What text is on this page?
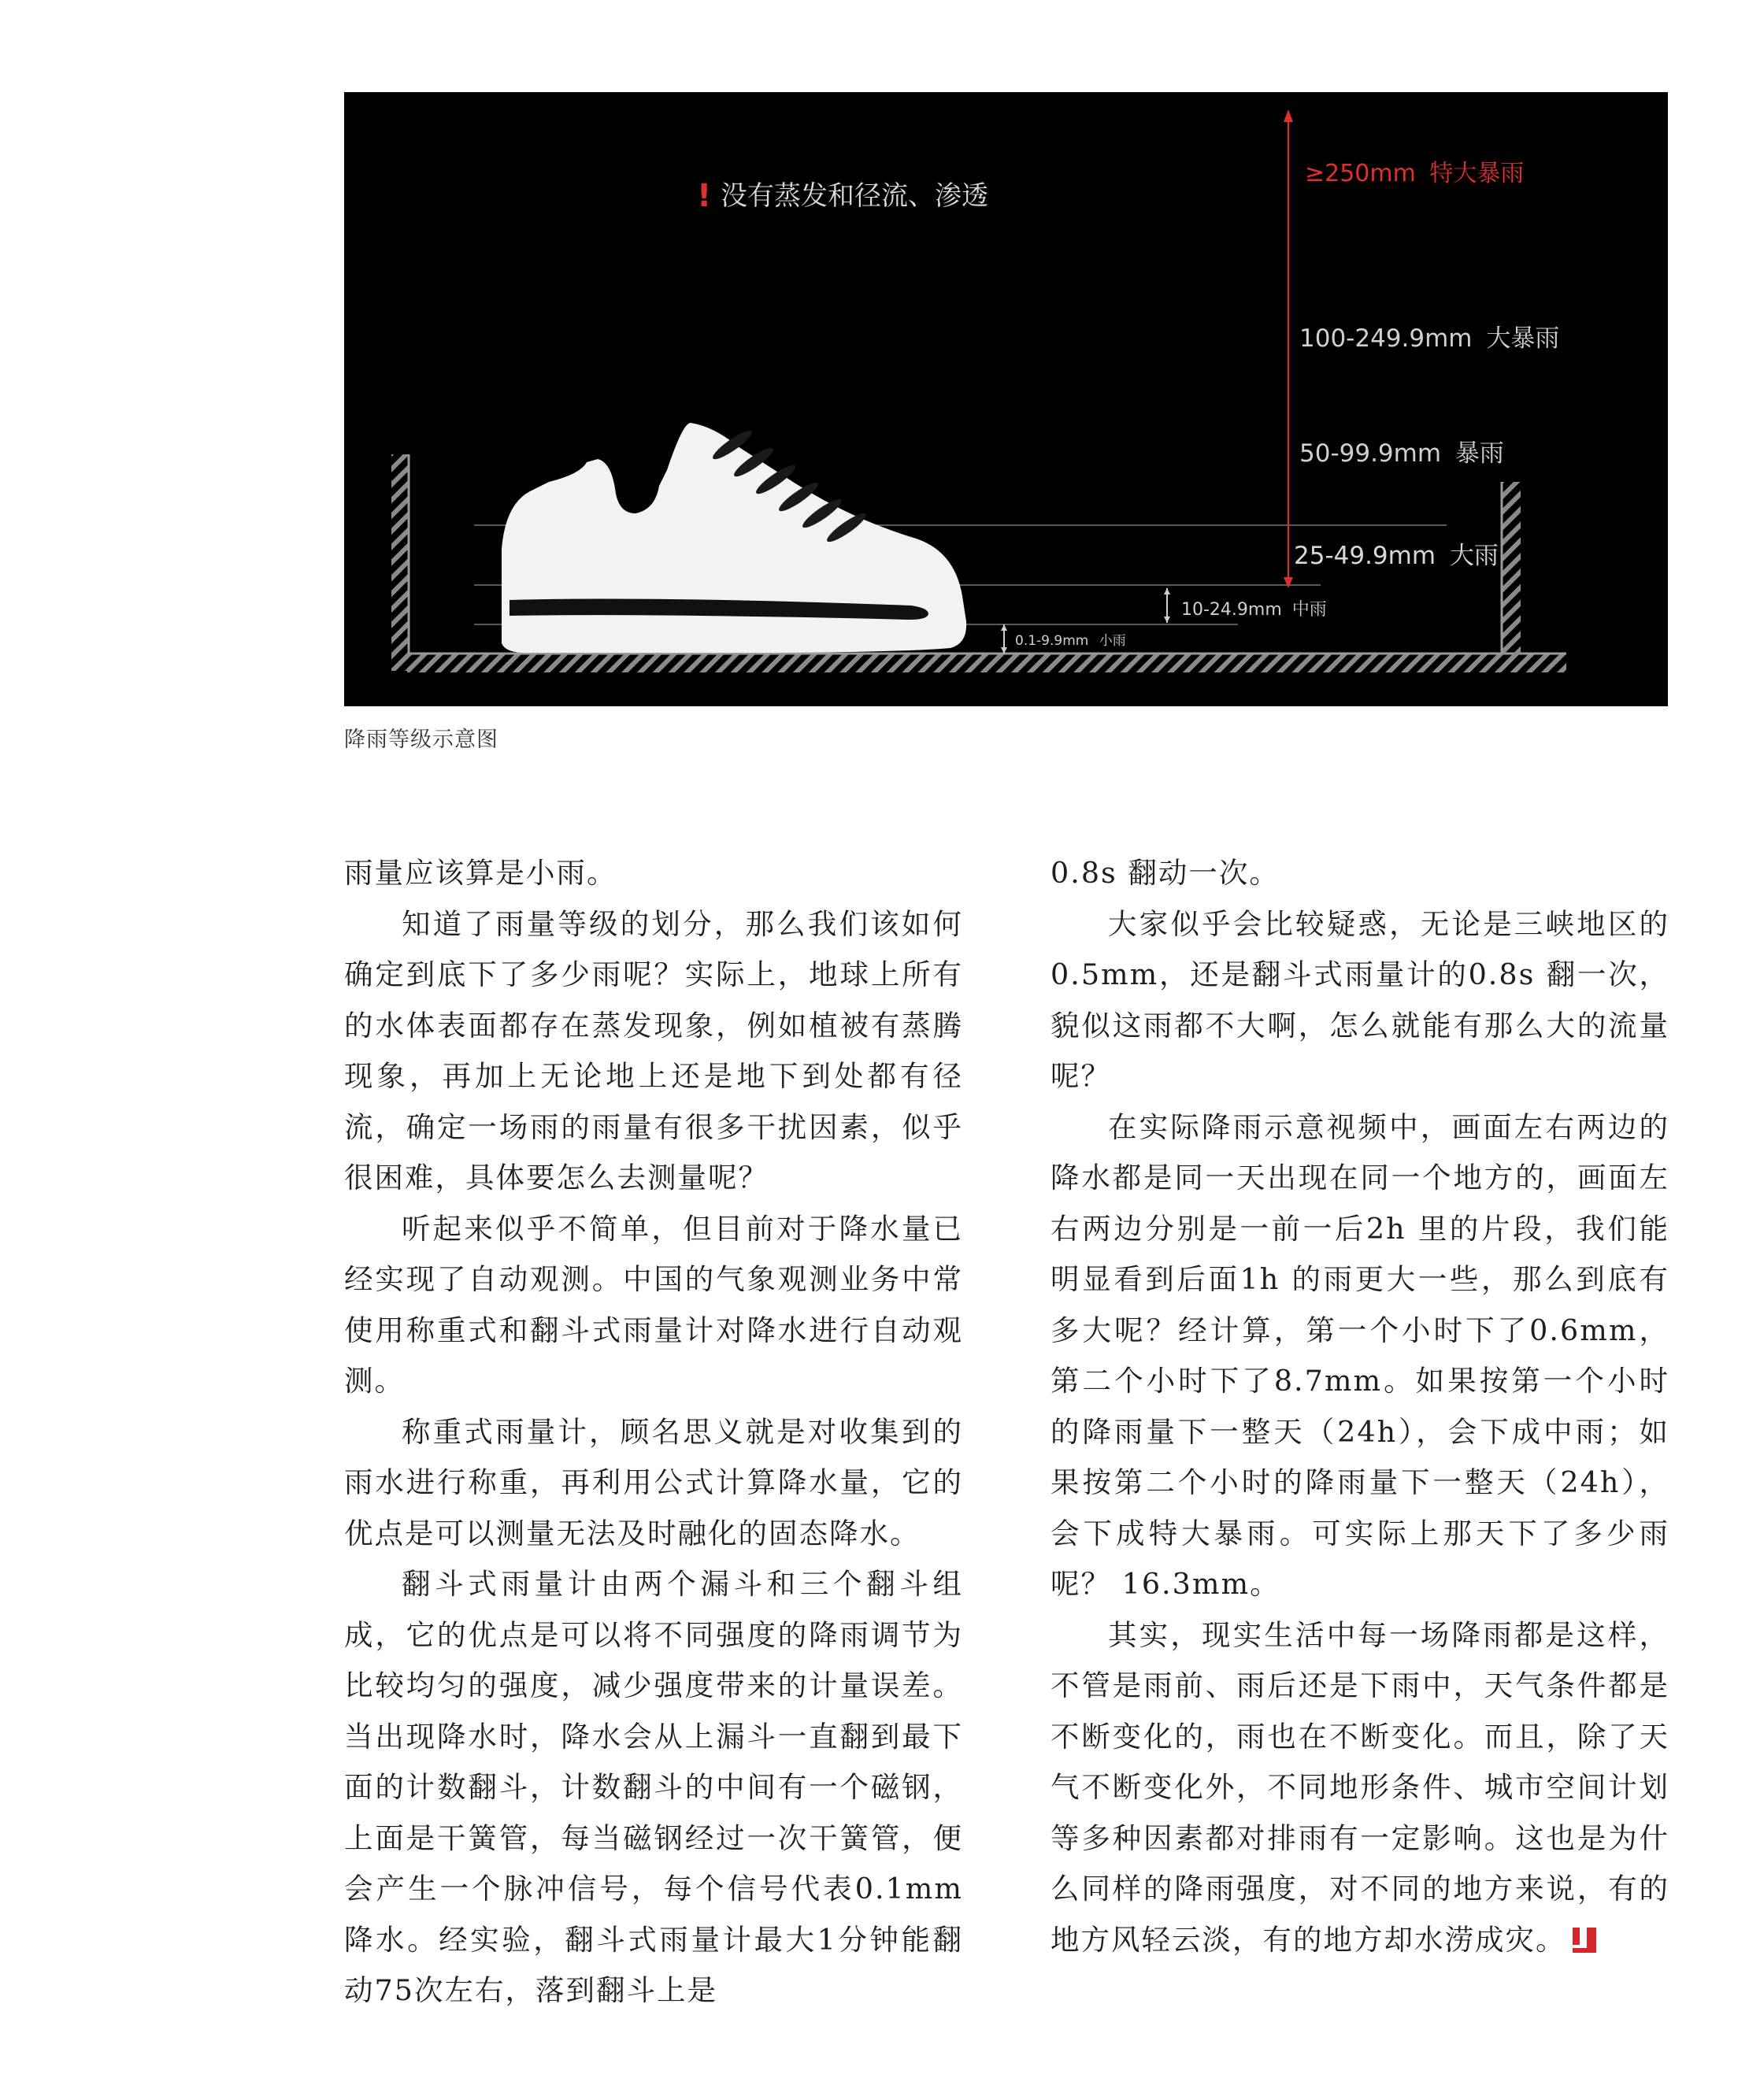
! 没有蒸发和径流、渗透
≥250mm 特大暴雨
100-249.9mm 大暴雨
50-99.9mm 暴雨
25-49.9mm 大雨
10-24.9mm 中雨
0.1-9.9mm 小雨
降雨等级示意图

雨量应该算是小雨。

知道了雨量等级的划分，那么我们该如何确定到底下了多少雨呢？实际上，地球上所有的水体表面都存在蒸发现象，例如植被有蒸腾现象，再加上无论地上还是地下到处都有径流，确定一场雨的雨量有很多干扰因素，似乎很困难，具体要怎么去测量呢？

听起来似乎不简单，但目前对于降水量已经实现了自动观测。中国的气象观测业务中常使用称重式和翻斗式雨量计对降水进行自动观测。

称重式雨量计，顾名思义就是对收集到的雨水进行称重，再利用公式计算降水量，它的优点是可以测量无法及时融化的固态降水。

翻斗式雨量计由两个漏斗和三个翻斗组成，它的优点是可以将不同强度的降雨调节为比较均匀的强度，减少强度带来的计量误差。当出现降水时，降水会从上漏斗一直翻到最下面的计数翻斗，计数翻斗的中间有一个磁钢，上面是干簧管，每当磁钢经过一次干簧管，便会产生一个脉冲信号，每个信号代表0.1mm 降水。经实验，翻斗式雨量计最大1分钟能翻动75次左右，落到翻斗上是

0.8s 翻动一次。

大家似乎会比较疑惑，无论是三峡地区的0.5mm，还是翻斗式雨量计的0.8s 翻一次，貌似这雨都不大啊，怎么就能有那么大的流量呢？

在实际降雨示意视频中，画面左右两边的降水都是同一天出现在同一个地方的，画面左右两边分别是一前一后2h 里的片段，我们能明显看到后面1h 的雨更大一些，那么到底有多大呢？经计算，第一个小时下了0.6mm，第二个小时下了8.7mm。如果按第一个小时的降雨量下一整天（24h），会下成中雨；如果按第二个小时的降雨量下一整天（24h），会下成特大暴雨。可实际上那天下了多少雨呢？ 16.3mm。

其实，现实生活中每一场降雨都是这样，不管是雨前、雨后还是下雨中，天气条件都是不断变化的，雨也在不断变化。而且，除了天气不断变化外，不同地形条件、城市空间计划等多种因素都对排雨有一定影响。这也是为什么同样的降雨强度，对不同的地方来说，有的地方风轻云淡，有的地方却水涝成灾。
